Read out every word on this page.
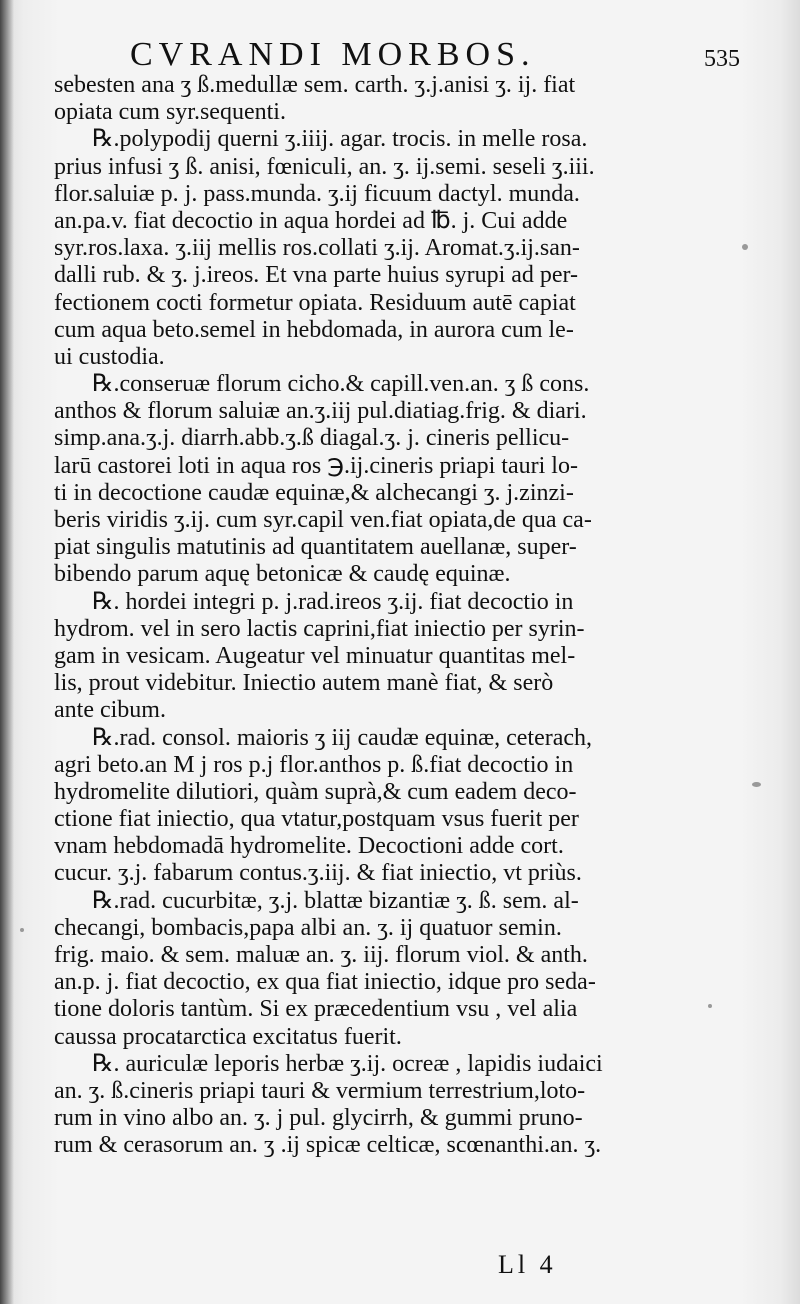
CVRANDI MORBOS.	535
sebesten ana ʒ ß.medullæ sem. carth. ʒ.j.anisi ʒ. ij. fiat
opiata cum syr.sequenti.
℞.polypodij querni ʒ.iiij. agar. trocis. in melle rosa.
prius infusi ʒ ß. anisi, fœniculi, an. ʒ. ij.semi. seseli ʒ.iii.
flor.saluiæ p. j. pass.munda. ʒ.ij ficuum dactyl. munda.
an.pa.v. fiat decoctio in aqua hordei ad ℔. j. Cui adde
syr.ros.laxa. ʒ.iij mellis ros.collati ʒ.ij. Aromat.ʒ.ij.san-
dalli rub. & ʒ. j.ireos. Et vna parte huius syrupi ad per-
fectionem cocti formetur opiata. Residuum autē capiat
cum aqua beto.semel in hebdomada, in aurora cum le-
ui custodia.
℞.conseruæ florum cicho.& capill.ven.an. ʒ ß cons.
anthos & florum saluiæ an.ʒ.iij pul.diatiag.frig. & diari.
simp.ana.ʒ.j. diarrh.abb.ʒ.ß diagal.ʒ. j. cineris pellicu-
larū castorei loti in aqua ros ℈.ij.cineris priapi tauri lo-
ti in decoctione caudæ equinæ,& alchecangi ʒ. j.zinzi-
beris viridis ʒ.ij. cum syr.capil ven.fiat opiata,de qua ca-
piat singulis matutinis ad quantitatem auellanæ, super-
bibendo parum aquę betonicæ & caudę equinæ.
℞. hordei integri p. j.rad.ireos ʒ.ij. fiat decoctio in
hydrom. vel in sero lactis caprini,fiat iniectio per syrin-
gam in vesicam. Augeatur vel minuatur quantitas mel-
lis, prout videbitur. Iniectio autem manè fiat, & serò
ante cibum.
℞.rad. consol. maioris ʒ iij caudæ equinæ, ceterach,
agri beto.an M j ros p.j flor.anthos p. ß.fiat decoctio in
hydromelite dilutiori, quàm suprà,& cum eadem deco-
ctione fiat iniectio, qua vtatur,postquam vsus fuerit per
vnam hebdomadā hydromelite. Decoctioni adde cort.
cucur. ʒ.j. fabarum contus.ʒ.iij. & fiat iniectio, vt priùs.
℞.rad. cucurbitæ, ʒ.j. blattæ bizantiæ ʒ. ß. sem. al-
checangi, bombacis,papa albi an. ʒ. ij quatuor semin.
frig. maio. & sem. maluæ an. ʒ. iij. florum viol. & anth.
an.p. j. fiat decoctio, ex qua fiat iniectio, idque pro seda-
tione doloris tantùm. Si ex præcedentium vsu , vel alia
caussa procatarctica excitatus fuerit.
℞. auriculæ leporis herbæ ʒ.ij. ocreæ , lapidis iudaici
an. ʒ. ß.cineris priapi tauri & vermium terrestrium,loto-
rum in vino albo an. ʒ. j pul. glycirrh, & gummi pruno-
rum & cerasorum an. ʒ .ij spicæ celticæ, scœnanthi.an. ʒ.
Ll 4
